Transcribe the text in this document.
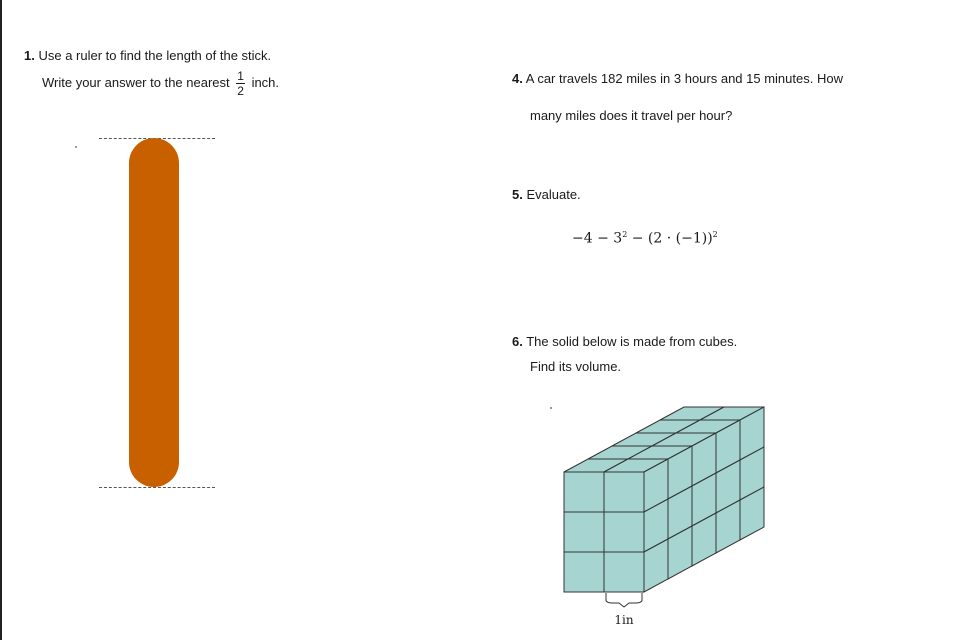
1. Use a ruler to find the length of the stick.
Write your answer to the nearest $\frac{1}{2}$ inch.	4. A car travels 182 miles in 3 hours and 15 minutes. How
many miles does it travel per hour?
5. Evaluate.
$-4 - 3^2 - (2 \cdot (-1))^2$
6. The solid below is made from cubes.
Find its volume.
1in
